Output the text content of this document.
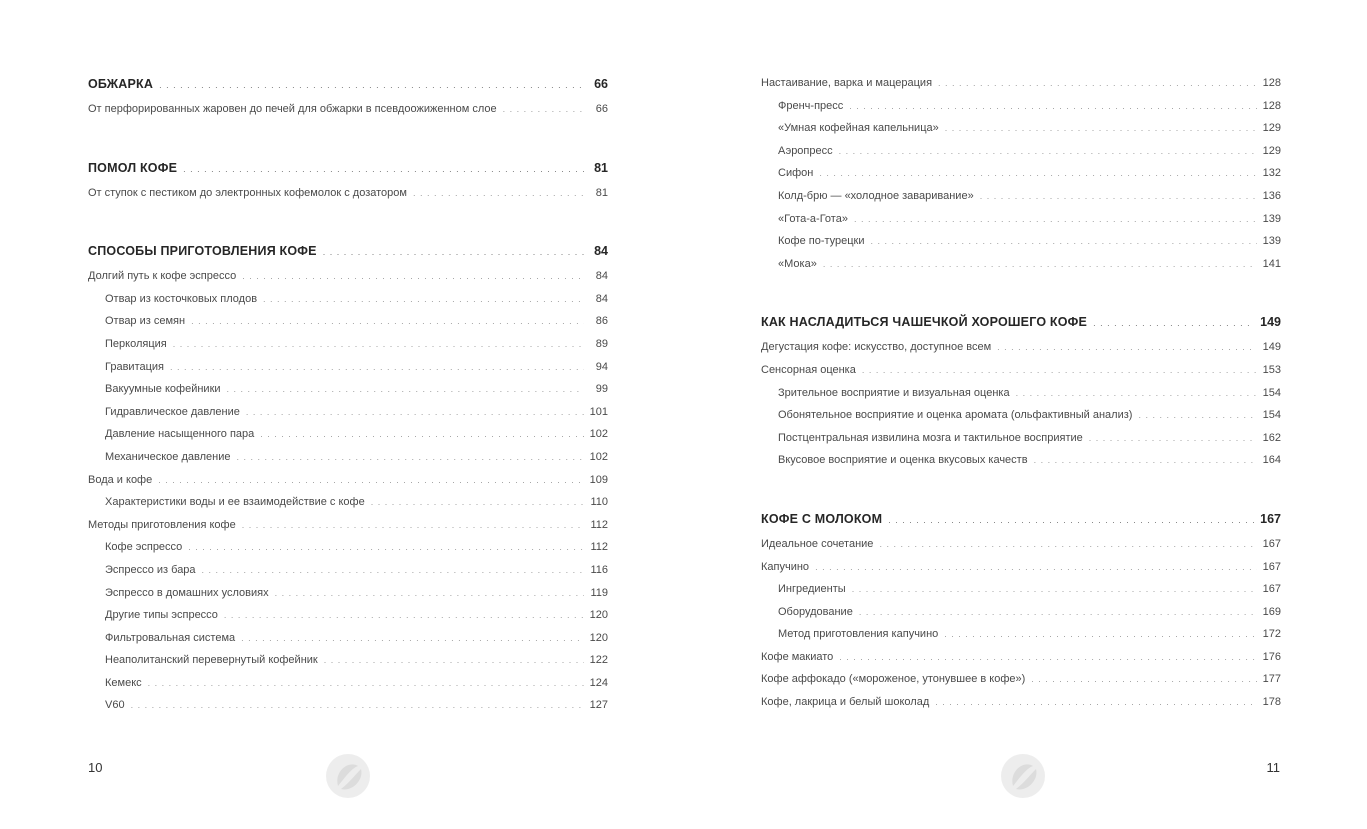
ОБЖАРКА . . .	66
От перфорированных жаровен до печей для обжарки в псевдоожиженном слое . . .	66
ПОМОЛ КОФЕ . . .	81
От ступок с пестиком до электронных кофемолок с дозатором . . .	81
СПОСОБЫ ПРИГОТОВЛЕНИЯ КОФЕ . . .	84
Долгий путь к кофе эспрессо . . .	84
Отвар из косточковых плодов . . .	84
Отвар из семян . . .	86
Перколяция . . .	89
Гравитация . . .	94
Вакуумные кофейники . . .	99
Гидравлическое давление . . .	101
Давление насыщенного пара . . .	102
Механическое давление . . .	102
Вода и кофе . . .	109
Характеристики воды и ее взаимодействие с кофе . . .	110
Методы приготовления кофе . . .	112
Кофе эспрессо . . .	112
Эспрессо из бара . . .	116
Эспрессо в домашних условиях . . .	119
Другие типы эспрессо . . .	120
Фильтровальная система . . .	120
Неаполитанский перевернутый кофейник . . .	122
Кемекс . . .	124
V60 . . .	127
10
Настаивание, варка и мацерация . . .	128
Френч-пресс . . .	128
«Умная кофейная капельница» . . .	129
Аэропресс . . .	129
Сифон . . .	132
Колд-брю — «холодное заваривание» . . .	136
«Гота-а-Гота» . . .	139
Кофе по-турецки . . .	139
«Мока» . . .	141
КАК НАСЛАДИТЬСЯ ЧАШЕЧКОЙ ХОРОШЕГО КОФЕ . . .	149
Дегустация кофе: искусство, доступное всем . . .	149
Сенсорная оценка . . .	153
Зрительное восприятие и визуальная оценка . . .	154
Обонятельное восприятие и оценка аромата (ольфактивный анализ) . . .	154
Постцентральная извилина мозга и тактильное восприятие . . .	162
Вкусовое восприятие и оценка вкусовых качеств . . .	164
КОФЕ С МОЛОКОМ . . .	167
Идеальное сочетание . . .	167
Капучино . . .	167
Ингредиенты . . .	167
Оборудование . . .	169
Метод приготовления капучино . . .	172
Кофе макиато . . .	176
Кофе аффокадо («мороженое, утонувшее в кофе») . . .	177
Кофе, лакрица и белый шоколад . . .	178
11
